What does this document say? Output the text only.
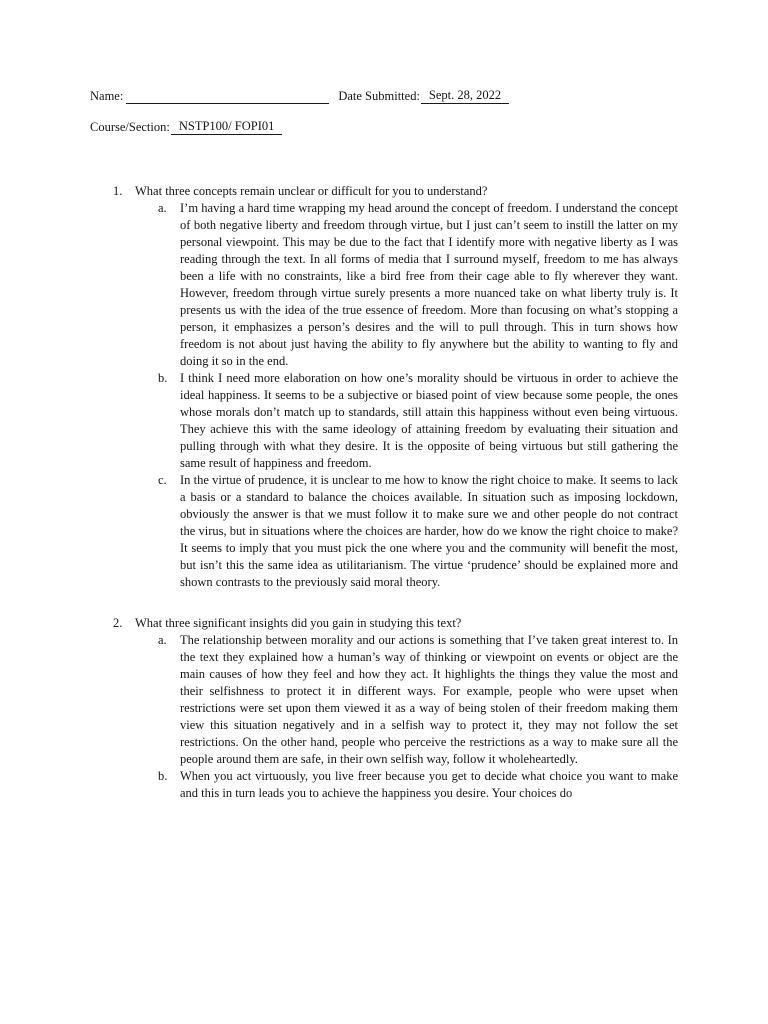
Name:	Date Submitted: Sept. 28, 2022
Course/Section: NSTP100/ FOPI01
1.	What three concepts remain unclear or difficult for you to understand?
a.	I’m having a hard time wrapping my head around the concept of freedom. I understand the concept of both negative liberty and freedom through virtue, but I just can’t seem to instill the latter on my personal viewpoint. This may be due to the fact that I identify more with negative liberty as I was reading through the text. In all forms of media that I surround myself, freedom to me has always been a life with no constraints, like a bird free from their cage able to fly wherever they want. However, freedom through virtue surely presents a more nuanced take on what liberty truly is. It presents us with the idea of the true essence of freedom. More than focusing on what’s stopping a person, it emphasizes a person’s desires and the will to pull through. This in turn shows how freedom is not about just having the ability to fly anywhere but the ability to wanting to fly and doing it so in the end.
b.	I think I need more elaboration on how one’s morality should be virtuous in order to achieve the ideal happiness. It seems to be a subjective or biased point of view because some people, the ones whose morals don’t match up to standards, still attain this happiness without even being virtuous. They achieve this with the same ideology of attaining freedom by evaluating their situation and pulling through with what they desire. It is the opposite of being virtuous but still gathering the same result of happiness and freedom.
c.	In the virtue of prudence, it is unclear to me how to know the right choice to make. It seems to lack a basis or a standard to balance the choices available. In situation such as imposing lockdown, obviously the answer is that we must follow it to make sure we and other people do not contract the virus, but in situations where the choices are harder, how do we know the right choice to make? It seems to imply that you must pick the one where you and the community will benefit the most, but isn’t this the same idea as utilitarianism. The virtue ‘prudence’ should be explained more and shown contrasts to the previously said moral theory.
2.	What three significant insights did you gain in studying this text?
a.	The relationship between morality and our actions is something that I’ve taken great interest to. In the text they explained how a human’s way of thinking or viewpoint on events or object are the main causes of how they feel and how they act. It highlights the things they value the most and their selfishness to protect it in different ways. For example, people who were upset when restrictions were set upon them viewed it as a way of being stolen of their freedom making them view this situation negatively and in a selfish way to protect it, they may not follow the set restrictions. On the other hand, people who perceive the restrictions as a way to make sure all the people around them are safe, in their own selfish way, follow it wholeheartedly.
b.	When you act virtuously, you live freer because you get to decide what choice you want to make and this in turn leads you to achieve the happiness you desire. Your choices do
